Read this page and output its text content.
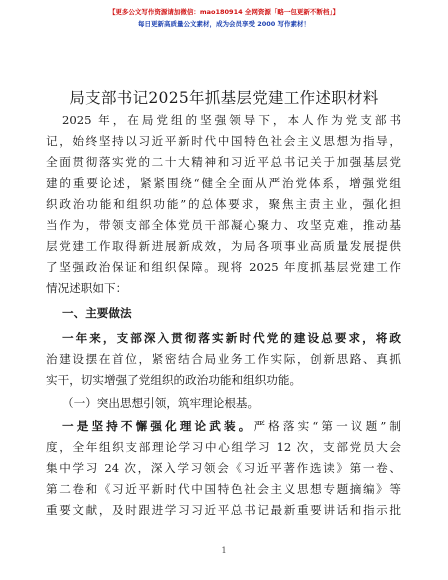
【更多公文写作资源请加微信：mao180914 全网资源「略一包更新不断档」】
每日更新高质量公文素材，成为会员享受 2000 写作素材！
局支部书记2025年抓基层党建工作述职材料
2025 年，在局党组的坚强领导下，本人作为党支部书
记，始终坚持以习近平新时代中国特色社会主义思想为指导，
全面贯彻落实党的二十大精神和习近平总书记关于加强基层党
建的重要论述，紧紧围绕“健全全面从严治党体系，增强党组
织政治功能和组织功能”的总体要求，聚焦主责主业，强化担
当作为，带领支部全体党员干部凝心聚力、攻坚克难，推动基
层党建工作取得新进展新成效，为局各项事业高质量发展提供
了坚强政治保证和组织保障。现将 2025 年度抓基层党建工作
情况述职如下：
一、主要做法
一年来，支部深入贯彻落实新时代党的建设总要求，将政
治建设摆在首位，紧密结合局业务工作实际，创新思路、真抓
实干，切实增强了党组织的政治功能和组织功能。
（一）突出思想引领，筑牢理论根基。
一是坚持不懈强化理论武装。严格落实“第一议题”制
度，全年组织支部理论学习中心组学习 12 次，支部党员大会
集中学习 24 次，深入学习领会《习近平著作选读》第一卷、
第二卷和《习近平新时代中国特色社会主义思想专题摘编》等
重要文献，及时跟进学习习近平总书记最新重要讲话和指示批
1
